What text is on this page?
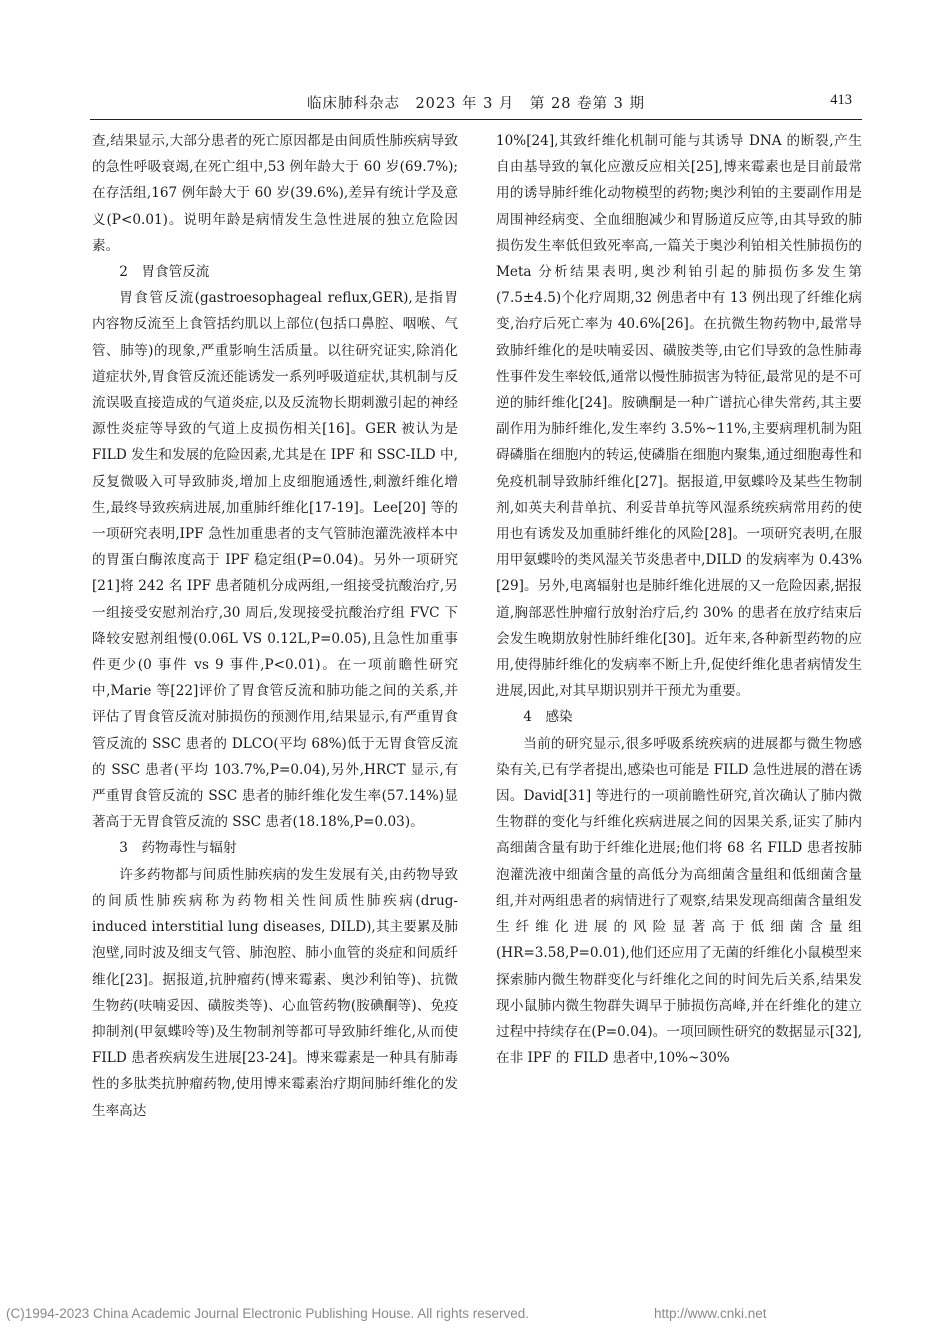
临床肺科杂志　2023 年 3 月　第 28 卷第 3 期	413

查,结果显示,大部分患者的死亡原因都是由间质性肺疾病导致的急性呼吸衰竭,在死亡组中,53 例年龄大于 60 岁(69.7%);在存活组,167 例年龄大于 60 岁(39.6%),差异有统计学及意义(P<0.01)。说明年龄是病情发生急性进展的独立危险因素。

2 胃食管反流

胃食管反流(gastroesophageal reflux,GER),是指胃内容物反流至上食管括约肌以上部位(包括口鼻腔、咽喉、气管、肺等)的现象,严重影响生活质量。以往研究证实,除消化道症状外,胃食管反流还能诱发一系列呼吸道症状,其机制与反流误吸直接造成的气道炎症,以及反流物长期刺激引起的神经源性炎症等导致的气道上皮损伤相关[16]。GER 被认为是 FILD 发生和发展的危险因素,尤其是在 IPF 和 SSC-ILD 中,反复微吸入可导致肺炎,增加上皮细胞通透性,刺激纤维化增生,最终导致疾病进展,加重肺纤维化[17-19]。Lee[20] 等的一项研究表明,IPF 急性加重患者的支气管肺泡灌洗液样本中的胃蛋白酶浓度高于 IPF 稳定组(P=0.04)。另外一项研究[21]将 242 名 IPF 患者随机分成两组,一组接受抗酸治疗,另一组接受安慰剂治疗,30 周后,发现接受抗酸治疗组 FVC 下降较安慰剂组慢(0.06L VS 0.12L,P=0.05),且急性加重事件更少(0 事件 vs 9 事件,P<0.01)。在一项前瞻性研究中,Marie 等[22]评价了胃食管反流和肺功能之间的关系,并评估了胃食管反流对肺损伤的预测作用,结果显示,有严重胃食管反流的 SSC 患者的 DLCO(平均 68%)低于无胃食管反流的 SSC 患者(平均 103.7%,P=0.04),另外,HRCT 显示,有严重胃食管反流的 SSC 患者的肺纤维化发生率(57.14%)显著高于无胃食管反流的 SSC 患者(18.18%,P=0.03)。

3 药物毒性与辐射

许多药物都与间质性肺疾病的发生发展有关,由药物导致的间质性肺疾病称为药物相关性间质性肺疾病(drug-induced interstitial lung diseases, DILD),其主要累及肺泡壁,同时波及细支气管、肺泡腔、肺小血管的炎症和间质纤维化[23]。据报道,抗肿瘤药(博来霉素、奥沙利铂等)、抗微生物药(呋喃妥因、磺胺类等)、心血管药物(胺碘酮等)、免疫抑制剂(甲氨蝶呤等)及生物制剂等都可导致肺纤维化,从而使 FILD 患者疾病发生进展[23-24]。博来霉素是一种具有肺毒性的多肽类抗肿瘤药物,使用博来霉素治疗期间肺纤维化的发生率高达

10%[24],其致纤维化机制可能与其诱导 DNA 的断裂,产生自由基导致的氧化应激反应相关[25],博来霉素也是目前最常用的诱导肺纤维化动物模型的药物;奥沙利铂的主要副作用是周围神经病变、全血细胞减少和胃肠道反应等,由其导致的肺损伤发生率低但致死率高,一篇关于奥沙利铂相关性肺损伤的 Meta 分析结果表明,奥沙利铂引起的肺损伤多发生第(7.5±4.5)个化疗周期,32 例患者中有 13 例出现了纤维化病变,治疗后死亡率为 40.6%[26]。在抗微生物药物中,最常导致肺纤维化的是呋喃妥因、磺胺类等,由它们导致的急性肺毒性事件发生率较低,通常以慢性肺损害为特征,最常见的是不可逆的肺纤维化[24]。胺碘酮是一种广谱抗心律失常药,其主要副作用为肺纤维化,发生率约 3.5%~11%,主要病理机制为阻碍磷脂在细胞内的转运,使磷脂在细胞内聚集,通过细胞毒性和免疫机制导致肺纤维化[27]。据报道,甲氨蝶呤及某些生物制剂,如英夫利昔单抗、利妥昔单抗等风湿系统疾病常用药的使用也有诱发及加重肺纤维化的风险[28]。一项研究表明,在服用甲氨蝶呤的类风湿关节炎患者中,DILD 的发病率为 0.43%[29]。另外,电离辐射也是肺纤维化进展的又一危险因素,据报道,胸部恶性肿瘤行放射治疗后,约 30% 的患者在放疗结束后会发生晚期放射性肺纤维化[30]。近年来,各种新型药物的应用,使得肺纤维化的发病率不断上升,促使纤维化患者病情发生进展,因此,对其早期识别并干预尤为重要。

4 感染

当前的研究显示,很多呼吸系统疾病的进展都与微生物感染有关,已有学者提出,感染也可能是 FILD 急性进展的潜在诱因。David[31] 等进行的一项前瞻性研究,首次确认了肺内微生物群的变化与纤维化疾病进展之间的因果关系,证实了肺内高细菌含量有助于纤维化进展;他们将 68 名 FILD 患者按肺泡灌洗液中细菌含量的高低分为高细菌含量组和低细菌含量组,并对两组患者的病情进行了观察,结果发现高细菌含量组发生纤维化进展的风险显著高于低细菌含量组(HR=3.58,P=0.01),他们还应用了无菌的纤维化小鼠模型来探索肺内微生物群变化与纤维化之间的时间先后关系,结果发现小鼠肺内微生物群失调早于肺损伤高峰,并在纤维化的建立过程中持续存在(P=0.04)。一项回顾性研究的数据显示[32],在非 IPF 的 FILD 患者中,10%~30%

(C)1994-2023 China Academic Journal Electronic Publishing House. All rights reserved.	http://www.cnki.net
